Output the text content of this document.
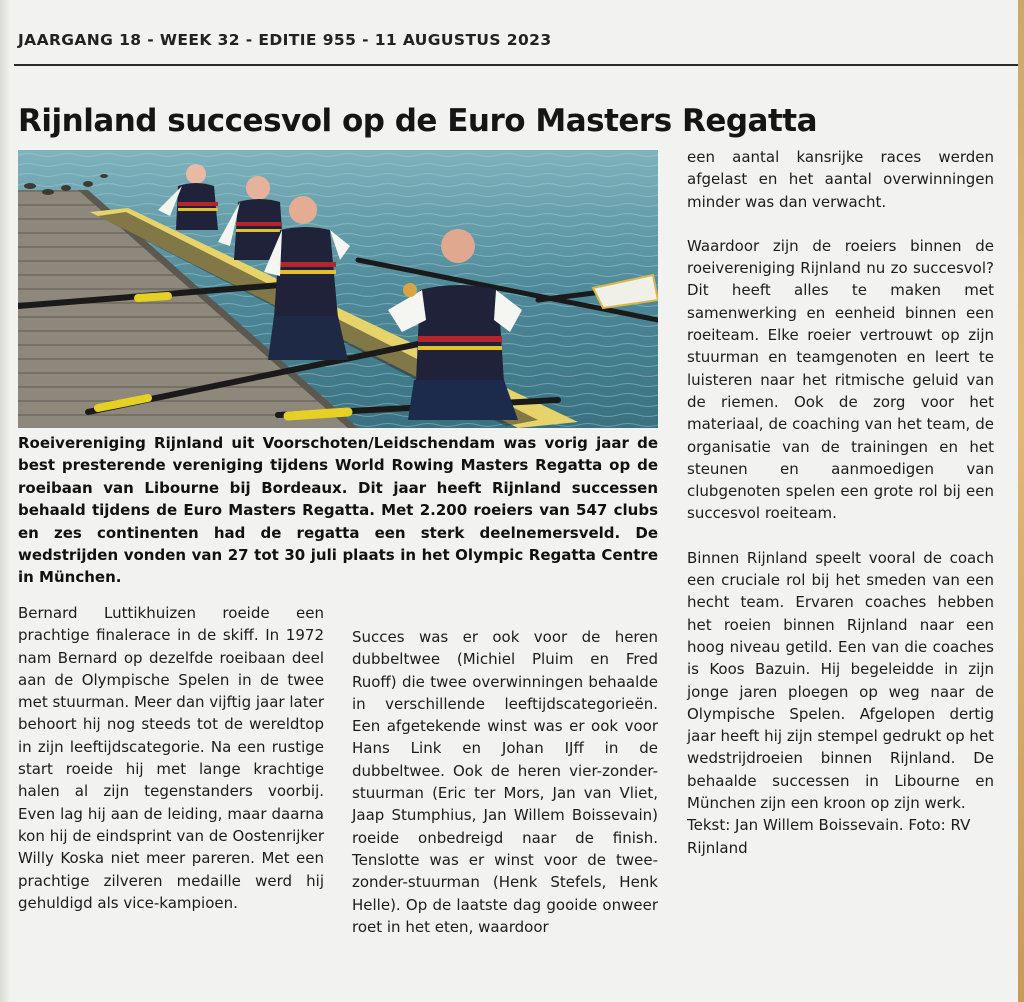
JAARGANG 18 - WEEK 32 - EDITIE 955 - 11 AUGUSTUS 2023
Rijnland succesvol op de Euro Masters Regatta
Roeivereniging Rijnland uit Voorschoten/Leidschendam was vorig jaar de best presterende vereniging tijdens World Rowing Masters Regatta op de roeibaan van Libourne bij Bordeaux. Dit jaar heeft Rijnland successen behaald tijdens de Euro Masters Regatta. Met 2.200 roeiers van 547 clubs en zes continenten had de regatta een sterk deelnemersveld. De wedstrijden vonden van 27 tot 30 juli plaats in het Olympic Regatta Centre in München.

Bernard Luttikhuizen roeide een prachtige finalerace in de skiff. In 1972 nam Bernard op dezelfde roeibaan deel aan de Olympische Spelen in de twee met stuurman. Meer dan vijftig jaar later behoort hij nog steeds tot de wereldtop in zijn leeftijdscategorie. Na een rustige start roeide hij met lange krachtige halen al zijn tegenstanders voorbij. Even lag hij aan de leiding, maar daarna kon hij de eindsprint van de Oostenrijker Willy Koska niet meer pareren. Met een prachtige zilveren medaille werd hij gehuldigd als vice-kampioen.

Succes was er ook voor de heren dubbeltwee (Michiel Pluim en Fred Ruoff) die twee overwinningen behaalde in verschillende leeftijdscategorieën. Een afgetekende winst was er ook voor Hans Link en Johan IJff in de dubbeltwee. Ook de heren vier-zonder-stuurman (Eric ter Mors, Jan van Vliet, Jaap Stumphius, Jan Willem Boissevain) roeide onbedreigd naar de finish. Tenslotte was er winst voor de twee-zonder-stuurman (Henk Stefels, Henk Helle). Op de laatste dag gooide onweer roet in het eten, waardoor

een aantal kansrijke races werden afgelast en het aantal overwinningen minder was dan verwacht.

Waardoor zijn de roeiers binnen de roeivereniging Rijnland nu zo succesvol? Dit heeft alles te maken met samenwerking en eenheid binnen een roeiteam. Elke roeier vertrouwt op zijn stuurman en teamgenoten en leert te luisteren naar het ritmische geluid van de riemen. Ook de zorg voor het materiaal, de coaching van het team, de organisatie van de trainingen en het steunen en aanmoedigen van clubgenoten spelen een grote rol bij een succesvol roeiteam.

Binnen Rijnland speelt vooral de coach een cruciale rol bij het smeden van een hecht team. Ervaren coaches hebben het roeien binnen Rijnland naar een hoog niveau getild. Een van die coaches is Koos Bazuin. Hij begeleidde in zijn jonge jaren ploegen op weg naar de Olympische Spelen. Afgelopen dertig jaar heeft hij zijn stempel gedrukt op het wedstrijdroeien binnen Rijnland. De behaalde successen in Libourne en München zijn een kroon op zijn werk.

Tekst: Jan Willem Boissevain. Foto: RV Rijnland
